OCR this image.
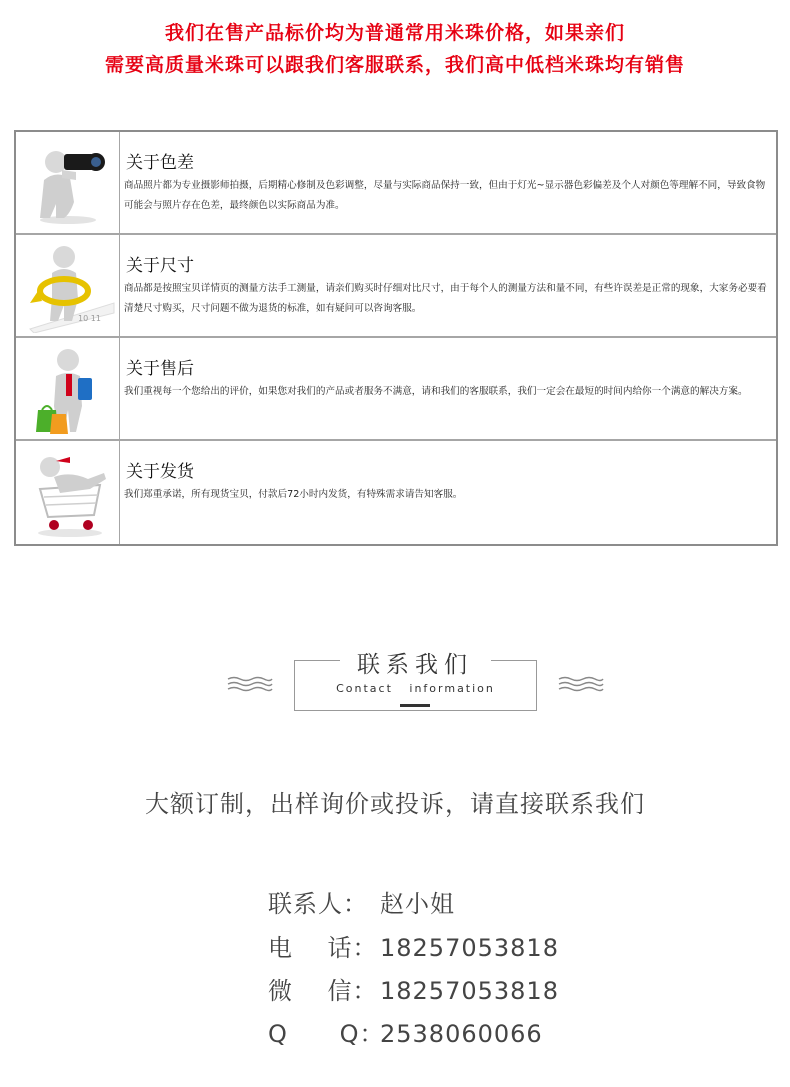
我们在售产品标价均为普通常用米珠价格，如果亲们
需要高质量米珠可以跟我们客服联系，我们高中低档米珠均有销售
关于色差
商品照片都为专业摄影师拍摄，后期精心修制及色彩调整，尽量与实际商品保持一致，但由于灯光~显示器色彩偏差及个人对颜色等理解不同，导致食物可能会与照片存在色差，最终颜色以实际商品为准。
10 11
关于尺寸
商品都是按照宝贝详情页的测量方法手工测量，请亲们购买时仔细对比尺寸，由于每个人的测量方法和量不同，有些许误差是正常的现象，大家务必要看清楚尺寸购买，尺寸问题不做为退货的标准，如有疑问可以咨询客服。
关于售后
我们重视每一个您给出的评价，如果您对我们的产品或者服务不满意，请和我们的客服联系，我们一定会在最短的时间内给你一个满意的解决方案。
关于发货
我们郑重承诺，所有现货宝贝，付款后72小时内发货，有特殊需求请告知客服。
联系我们
Contact   information
大额订制，出样询价或投诉，请直接联系我们
联系人： 赵小姐
电    话： 18257053818
微    信： 18257053818
Q      Q：2538060066
